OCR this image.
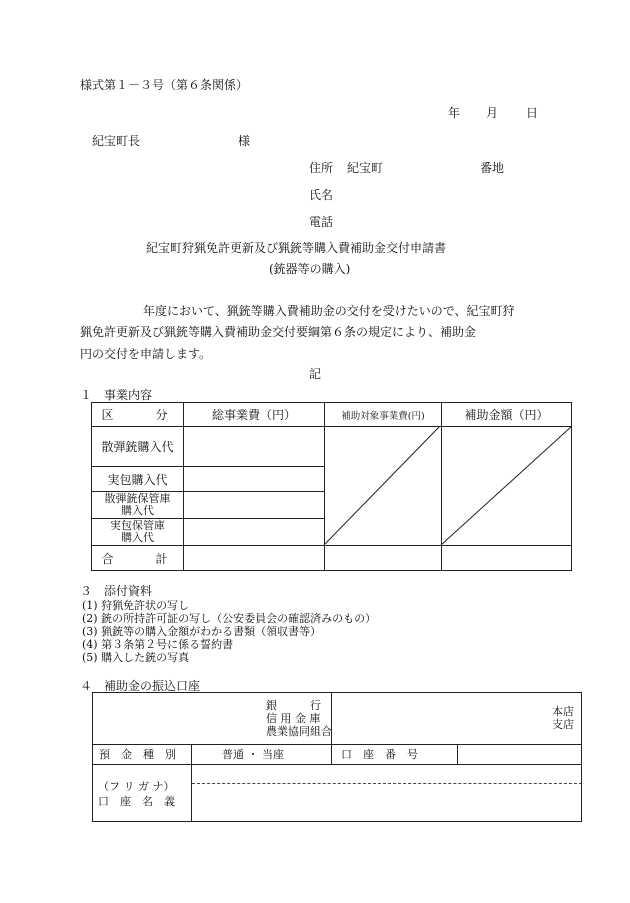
様式第１－３号（第６条関係）
年 月 日
紀宝町長	様
住所 紀宝町	番地
氏名
電話
紀宝町狩猟免許更新及び猟銃等購入費補助金交付申請書
(銃器等の購入)
年度において、猟銃等購入費補助金の交付を受けたいので、紀宝町狩
猟免許更新及び猟銃等購入費補助金交付要綱第６条の規定により、補助金
円の交付を申請します。
記
１　事業内容
区　　分	総事業費（円）	補助対象事業費(円)	補助金額（円）
散弾銃購入代			
実包購入代			
散弾銃保管庫
購入代			
実包保管庫
購入代			
合　　計			
３　添付資料
(1) 狩猟免許状の写し
(2) 銃の所持許可証の写し（公安委員会の確認済みのもの）
(3) 猟銃等の購入金額がわかる書類（領収書等）
(4) 第３条第２号に係る誓約書
(5) 購入した銃の写真
４　補助金の振込口座
銀　　　行
信 用 金 庫
農業協同組合
本店
支店
預　金　種　別	普通 ・ 当座	口　座　番　号
（フ リ ガ ナ）
口　座　名　義
